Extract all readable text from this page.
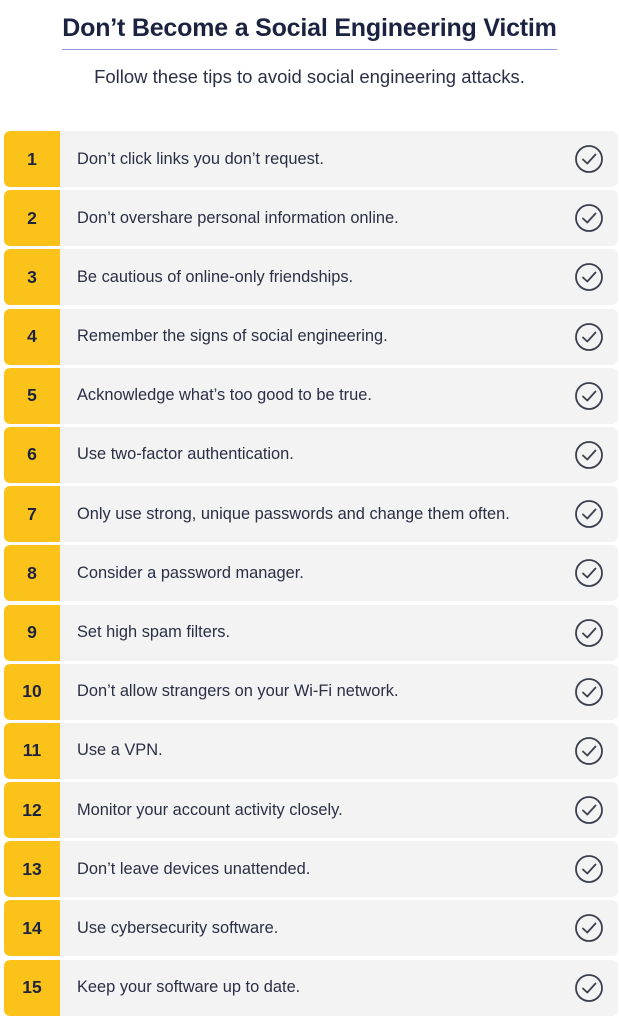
Don’t Become a Social Engineering Victim

Follow these tips to avoid social engineering attacks.

1	Don’t click links you don’t request.
2	Don’t overshare personal information online.
3	Be cautious of online-only friendships.
4	Remember the signs of social engineering.
5	Acknowledge what’s too good to be true.
6	Use two-factor authentication.
7	Only use strong, unique passwords and change them often.
8	Consider a password manager.
9	Set high spam filters.
10	Don’t allow strangers on your Wi-Fi network.
11	Use a VPN.
12	Monitor your account activity closely.
13	Don’t leave devices unattended.
14	Use cybersecurity software.
15	Keep your software up to date.
